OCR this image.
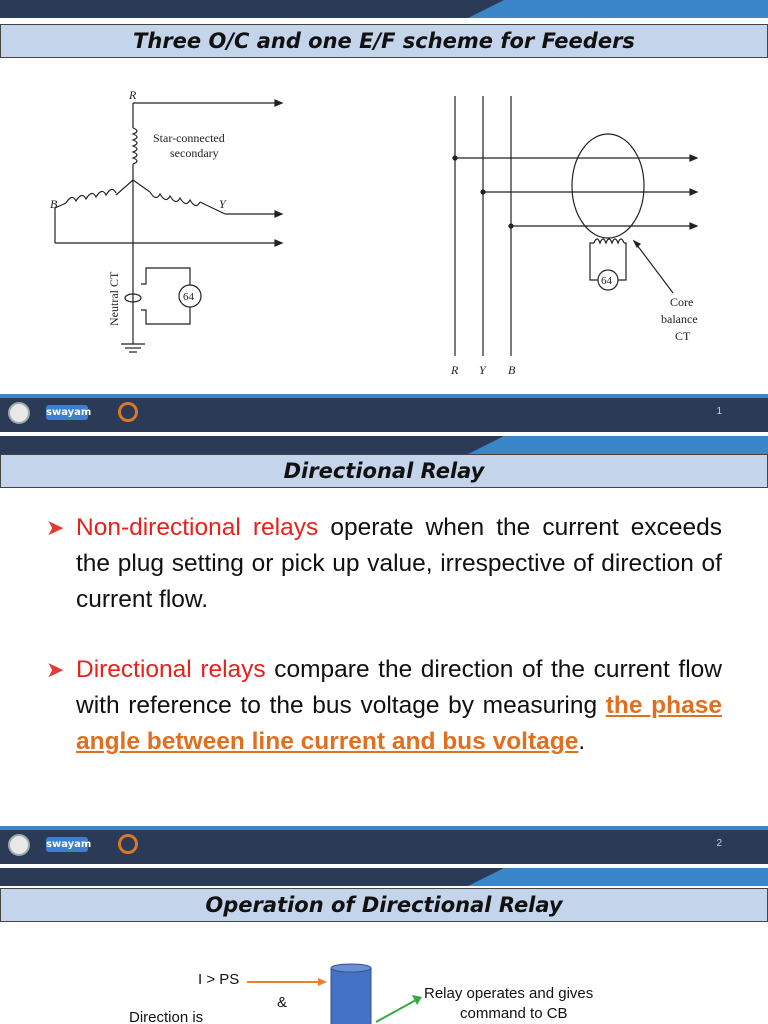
Three O/C and one E/F scheme for Feeders
R
B	Y
Star-connected
secondary
Neutral CT	64
64
Core
balance
CT
R Y B
swayam	1
Directional Relay
➤ Non-directional relays operate when the current exceeds the plug setting or pick up value, irrespective of direction of current flow.
➤ Directional relays compare the direction of the current flow with reference to the bus voltage by measuring the phase angle between line current and bus voltage.
swayam	2
Operation of Directional Relay
I > PS
&
Direction is
Relay operates and gives
command to CB
